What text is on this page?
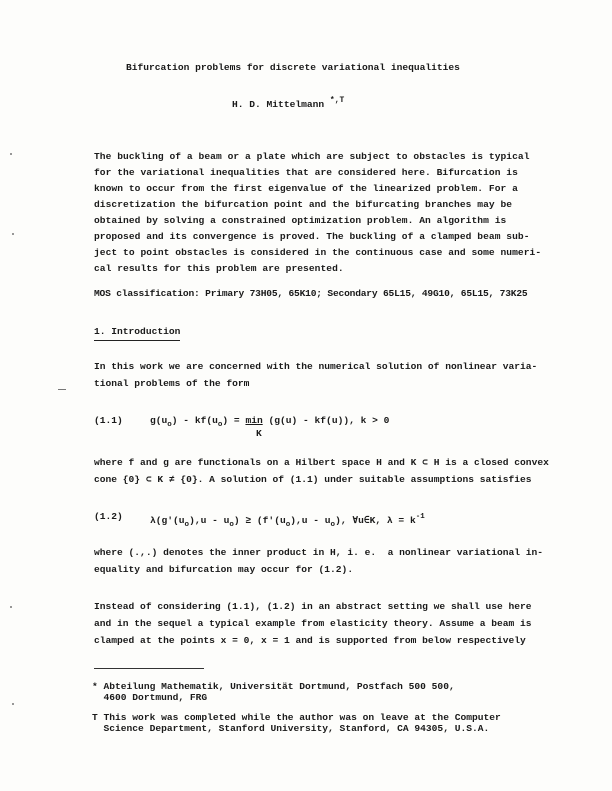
Bifurcation problems for discrete variational inequalities
H. D. Mittelmann $^{*,T}$
The buckling of a beam or a plate which are subject to obstacles is typical
for the variational inequalities that are considered here. Bifurcation is
known to occur from the first eigenvalue of the linearized problem. For a
discretization the bifurcation point and the bifurcating branches may be
obtained by solving a constrained optimization problem. An algorithm is
proposed and its convergence is proved. The buckling of a clamped beam sub-
ject to point obstacles is considered in the continuous case and some numeri-
cal results for this problem are presented.
MOS classification: Primary 73H05, 65K10; Secondary 65L15, 49G10, 65L15, 73K25
1. Introduction
In this work we are concerned with the numerical solution of nonlinear varia-
tional problems of the form
(1.1)	$g(u_o) - kf(u_o) = \min (g(u) - kf(u))$, k > 0
K
where f and g are functionals on a Hilbert space H and K ⊂ H is a closed convex
cone {0} ⊂ K ≠ {0}. A solution of (1.1) under suitable assumptions satisfies
(1.2)	$\lambda(g'(u_o),u - u_o) \ge (f'(u_o),u - u_o)$, ∀u∈K, $\lambda = k^{-1}$
where (.,.) denotes the inner product in H, i. e.  a nonlinear variational in-
equality and bifurcation may occur for (1.2).
Instead of considering (1.1), (1.2) in an abstract setting we shall use here
and in the sequel a typical example from elasticity theory. Assume a beam is
clamped at the points x = 0, x = 1 and is supported from below respectively
* Abteilung Mathematik, Universität Dortmund, Postfach 500 500,
4600 Dortmund, FRG
T This work was completed while the author was on leave at the Computer
Science Department, Stanford University, Stanford, CA 94305, U.S.A.
